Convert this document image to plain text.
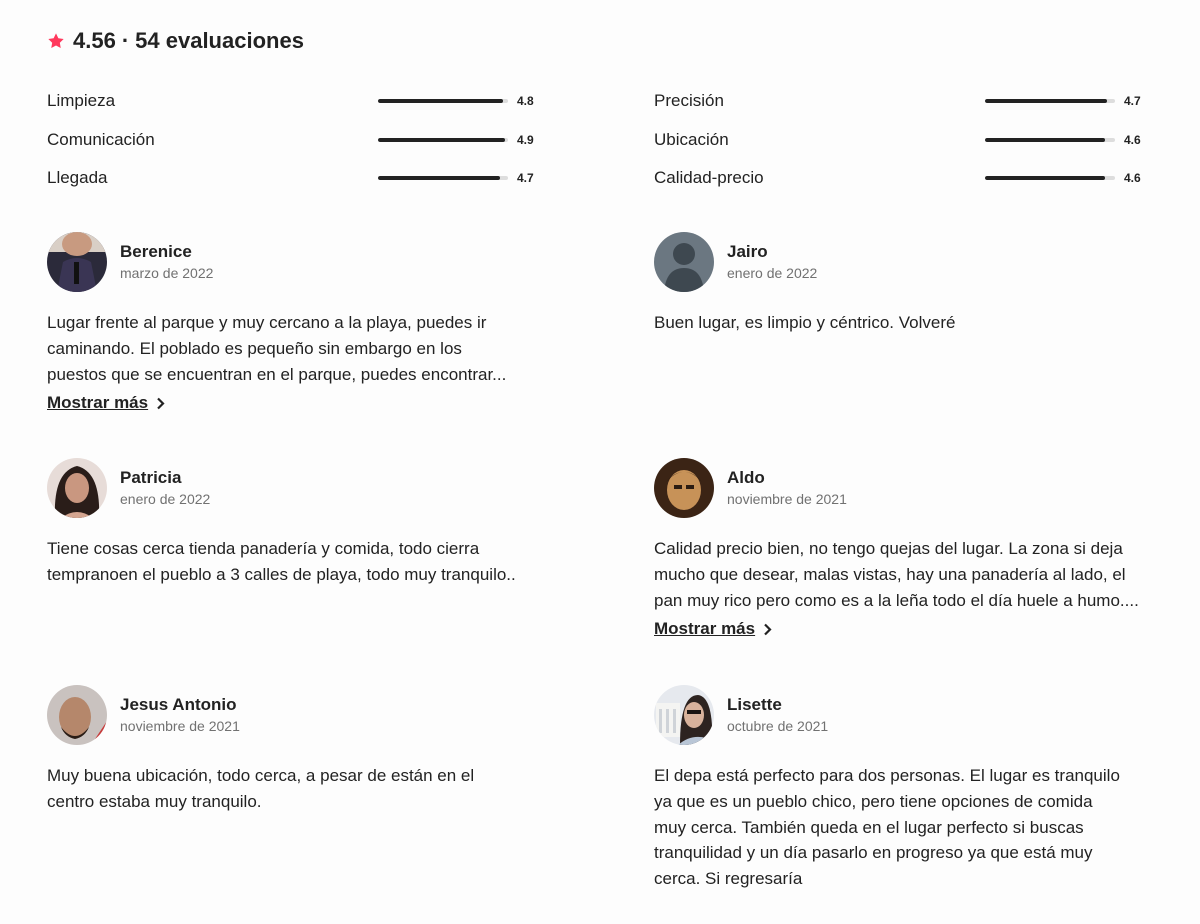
4.56 · 54 evaluaciones
Limpieza	4.8
Comunicación	4.9
Llegada	4.7
Precisión	4.7
Ubicación	4.6
Calidad-precio	4.6
Berenice
marzo de 2022
Lugar frente al parque y muy cercano a la playa, puedes ir
caminando. El poblado es pequeño sin embargo en los
puestos que se encuentran en el parque, puedes encontrar...
Mostrar más
Jairo
enero de 2022
Buen lugar, es limpio y céntrico. Volveré
Patricia
enero de 2022
Tiene cosas cerca tienda panadería y comida, todo cierra
tempranoen el pueblo a 3 calles de playa, todo muy tranquilo..
Aldo
noviembre de 2021
Calidad precio bien, no tengo quejas del lugar. La zona si deja
mucho que desear, malas vistas, hay una panadería al lado, el
pan muy rico pero como es a la leña todo el día huele a humo....
Mostrar más
Jesus Antonio
noviembre de 2021
Muy buena ubicación, todo cerca, a pesar de están en el
centro estaba muy tranquilo.
Lisette
octubre de 2021
El depa está perfecto para dos personas. El lugar es tranquilo
ya que es un pueblo chico, pero tiene opciones de comida
muy cerca. También queda en el lugar perfecto si buscas
tranquilidad y un día pasarlo en progreso ya que está muy
cerca. Si regresaría
